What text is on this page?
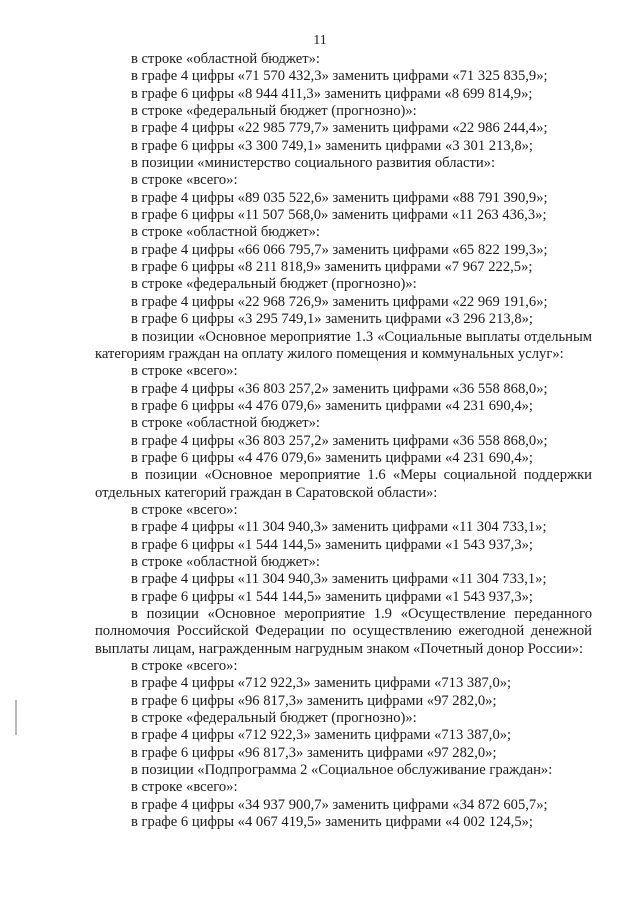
11
в строке «областной бюджет»:
в графе 4 цифры «71 570 432,3» заменить цифрами «71 325 835,9»;
в графе 6 цифры «8 944 411,3» заменить цифрами «8 699 814,9»;
в строке «федеральный бюджет (прогнозно)»:
в графе 4 цифры «22 985 779,7» заменить цифрами «22 986 244,4»;
в графе 6 цифры «3 300 749,1» заменить цифрами «3 301 213,8»;
в позиции «министерство социального развития области»:
в строке «всего»:
в графе 4 цифры «89 035 522,6» заменить цифрами «88 791 390,9»;
в графе 6 цифры «11 507 568,0» заменить цифрами «11 263 436,3»;
в строке «областной бюджет»:
в графе 4 цифры «66 066 795,7» заменить цифрами «65 822 199,3»;
в графе 6 цифры «8 211 818,9» заменить цифрами «7 967 222,5»;
в строке «федеральный бюджет (прогнозно)»:
в графе 4 цифры «22 968 726,9» заменить цифрами «22 969 191,6»;
в графе 6 цифры «3 295 749,1» заменить цифрами «3 296 213,8»;
в позиции «Основное мероприятие 1.3 «Социальные выплаты отдельным категориям граждан на оплату жилого помещения и коммунальных услуг»:
в строке «всего»:
в графе 4 цифры «36 803 257,2» заменить цифрами «36 558 868,0»;
в графе 6 цифры «4 476 079,6» заменить цифрами «4 231 690,4»;
в строке «областной бюджет»:
в графе 4 цифры «36 803 257,2» заменить цифрами «36 558 868,0»;
в графе 6 цифры «4 476 079,6» заменить цифрами «4 231 690,4»;
в позиции «Основное мероприятие 1.6 «Меры социальной поддержки отдельных категорий граждан в Саратовской области»:
в строке «всего»:
в графе 4 цифры «11 304 940,3» заменить цифрами «11 304 733,1»;
в графе 6 цифры «1 544 144,5» заменить цифрами «1 543 937,3»;
в строке «областной бюджет»:
в графе 4 цифры «11 304 940,3» заменить цифрами «11 304 733,1»;
в графе 6 цифры «1 544 144,5» заменить цифрами «1 543 937,3»;
в позиции «Основное мероприятие 1.9 «Осуществление переданного полномочия Российской Федерации по осуществлению ежегодной денежной выплаты лицам, награжденным нагрудным знаком «Почетный донор России»:
в строке «всего»:
в графе 4 цифры «712 922,3» заменить цифрами «713 387,0»;
в графе 6 цифры «96 817,3» заменить цифрами «97 282,0»;
в строке «федеральный бюджет (прогнозно)»:
в графе 4 цифры «712 922,3» заменить цифрами «713 387,0»;
в графе 6 цифры «96 817,3» заменить цифрами «97 282,0»;
в позиции «Подпрограмма 2 «Социальное обслуживание граждан»:
в строке «всего»:
в графе 4 цифры «34 937 900,7» заменить цифрами «34 872 605,7»;
в графе 6 цифры «4 067 419,5» заменить цифрами «4 002 124,5»;
